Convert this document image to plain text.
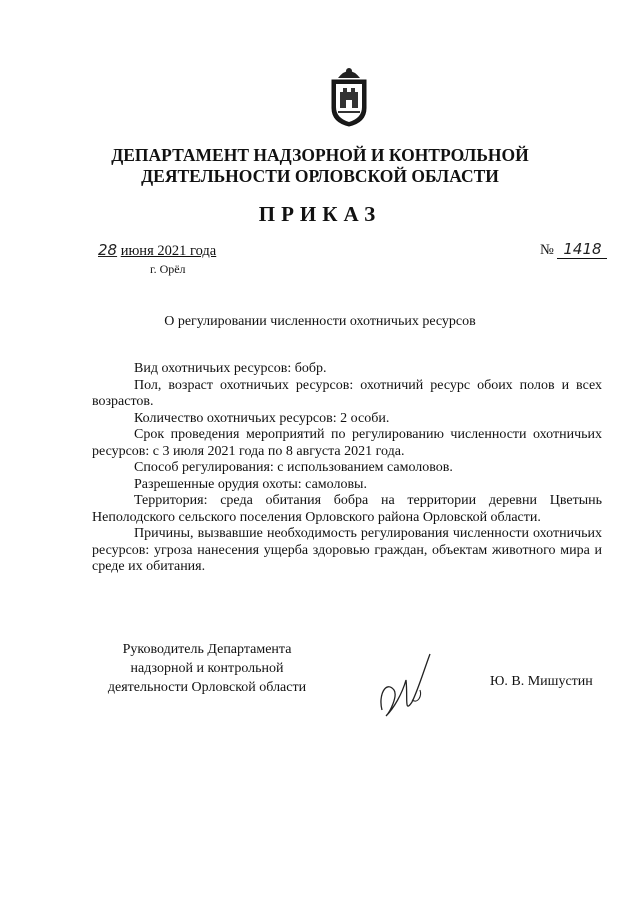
ДЕПАРТАМЕНТ НАДЗОРНОЙ И КОНТРОЛЬНОЙ
ДЕЯТЕЛЬНОСТИ ОРЛОВСКОЙ ОБЛАСТИ
ПРИКАЗ
28 июня 2021 года
г. Орёл
№ 1418
О регулировании численности охотничьих ресурсов

Вид охотничьих ресурсов: бобр.

Пол, возраст охотничьих ресурсов: охотничий ресурс обоих полов и всех возрастов.

Количество охотничьих ресурсов: 2 особи.

Срок проведения мероприятий по регулированию численности охотничьих ресурсов: с 3 июля 2021 года по 8 августа 2021 года.

Способ регулирования: с использованием самоловов.

Разрешенные орудия охоты: самоловы.

Территория: среда обитания бобра на территории деревни Цветынь Неполодского сельского поселения Орловского района Орловской области.

Причины, вызвавшие необходимость регулирования численности охотничьих ресурсов: угроза нанесения ущерба здоровью граждан, объектам животного мира и среде их обитания.

Руководитель Департамента
надзорной и контрольной
деятельности Орловской области	Ю. В. Мишустин
